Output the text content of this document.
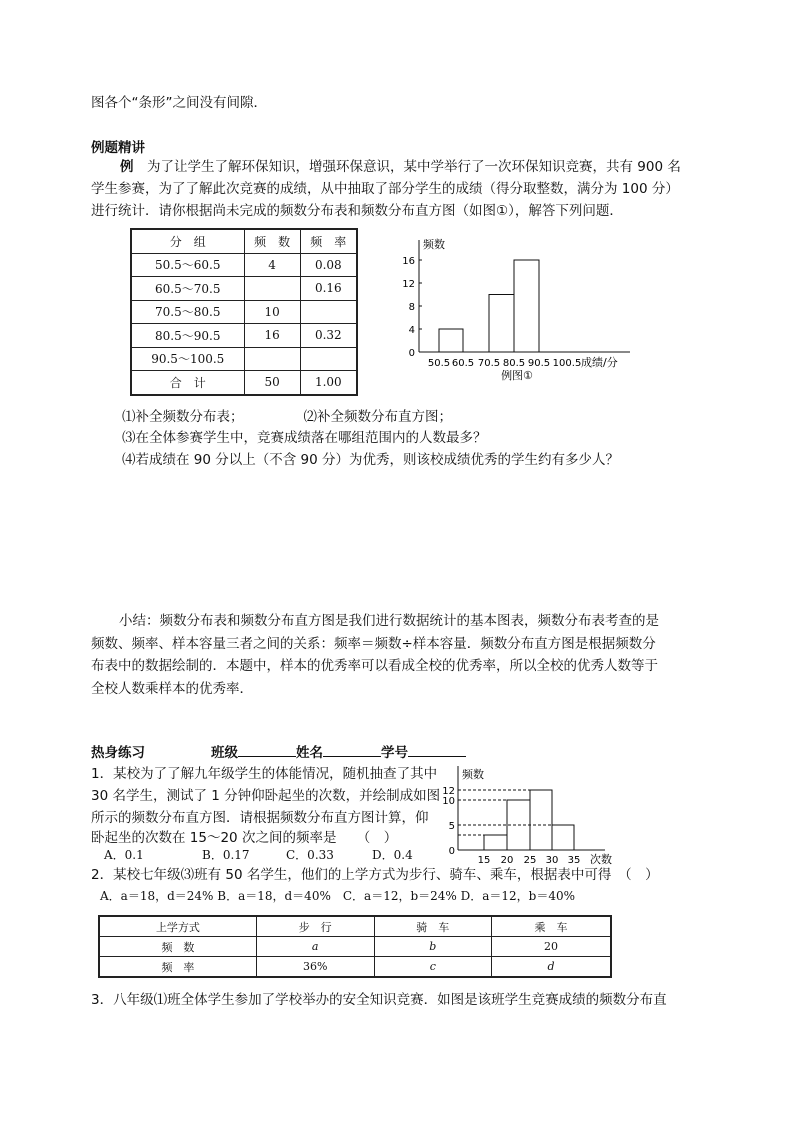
图各个“条形”之间没有间隙．
例题精讲
例　 为了让学生了解环保知识，增强环保意识，某中学举行了一次环保知识竞赛，共有 900 名
学生参赛，为了了解此次竞赛的成绩，从中抽取了部分学生的成绩（得分取整数，满分为 100 分）
进行统计．请你根据尚未完成的频数分布表和频数分布直方图（如图①），解答下列问题．
分　组	频　数	频　率
50.5～60.5	4	0.08
60.5～70.5		0.16
70.5～80.5	10	
80.5～90.5	16	0.32
90.5～100.5		
合　计	50	1.00
频数
0
4
8
12
16
50.5 60.5 70.5 80.5 90.5 100.5 成绩/分
例图①
⑴补全频数分布表；	⑵补全频数分布直方图；
⑶在全体参赛学生中，竞赛成绩落在哪组范围内的人数最多？
⑷若成绩在 90 分以上（不含 90 分）为优秀，则该校成绩优秀的学生约有多少人？
小结：频数分布表和频数分布直方图是我们进行数据统计的基本图表，频数分布表考查的是
频数、频率、样本容量三者之间的关系：频率＝频数÷样本容量．频数分布直方图是根据频数分
布表中的数据绘制的．本题中，样本的优秀率可以看成全校的优秀率，所以全校的优秀人数等于
全校人数乘样本的优秀率．
热身练习	班级	姓名	学号
1．某校为了了解九年级学生的体能情况，随机抽查了其中
30 名学生，测试了 1 分钟仰卧起坐的次数，并绘制成如图
所示的频数分布直方图．请根据频数分布直方图计算，仰
卧起坐的次数在 15～20 次之间的频率是　　（　）
A．0.1	B．0.17	C．0.33	D．0.4
频数
0
5
10
12
15 20 25 30 35 次数
2．某校七年级⑶班有 50 名学生，他们的上学方式为步行、骑车、乘车，根据表中可得　（　）
A．a＝18，d＝24% B．a＝18，d＝40%　C．a＝12，b＝24% D．a＝12，b＝40%
上学方式	步　行	骑　车	乘　车
频　数	a	b	20
频　率	36%	c	d
3．八年级⑴班全体学生参加了学校举办的安全知识竞赛．如图是该班学生竞赛成绩的频数分布直
